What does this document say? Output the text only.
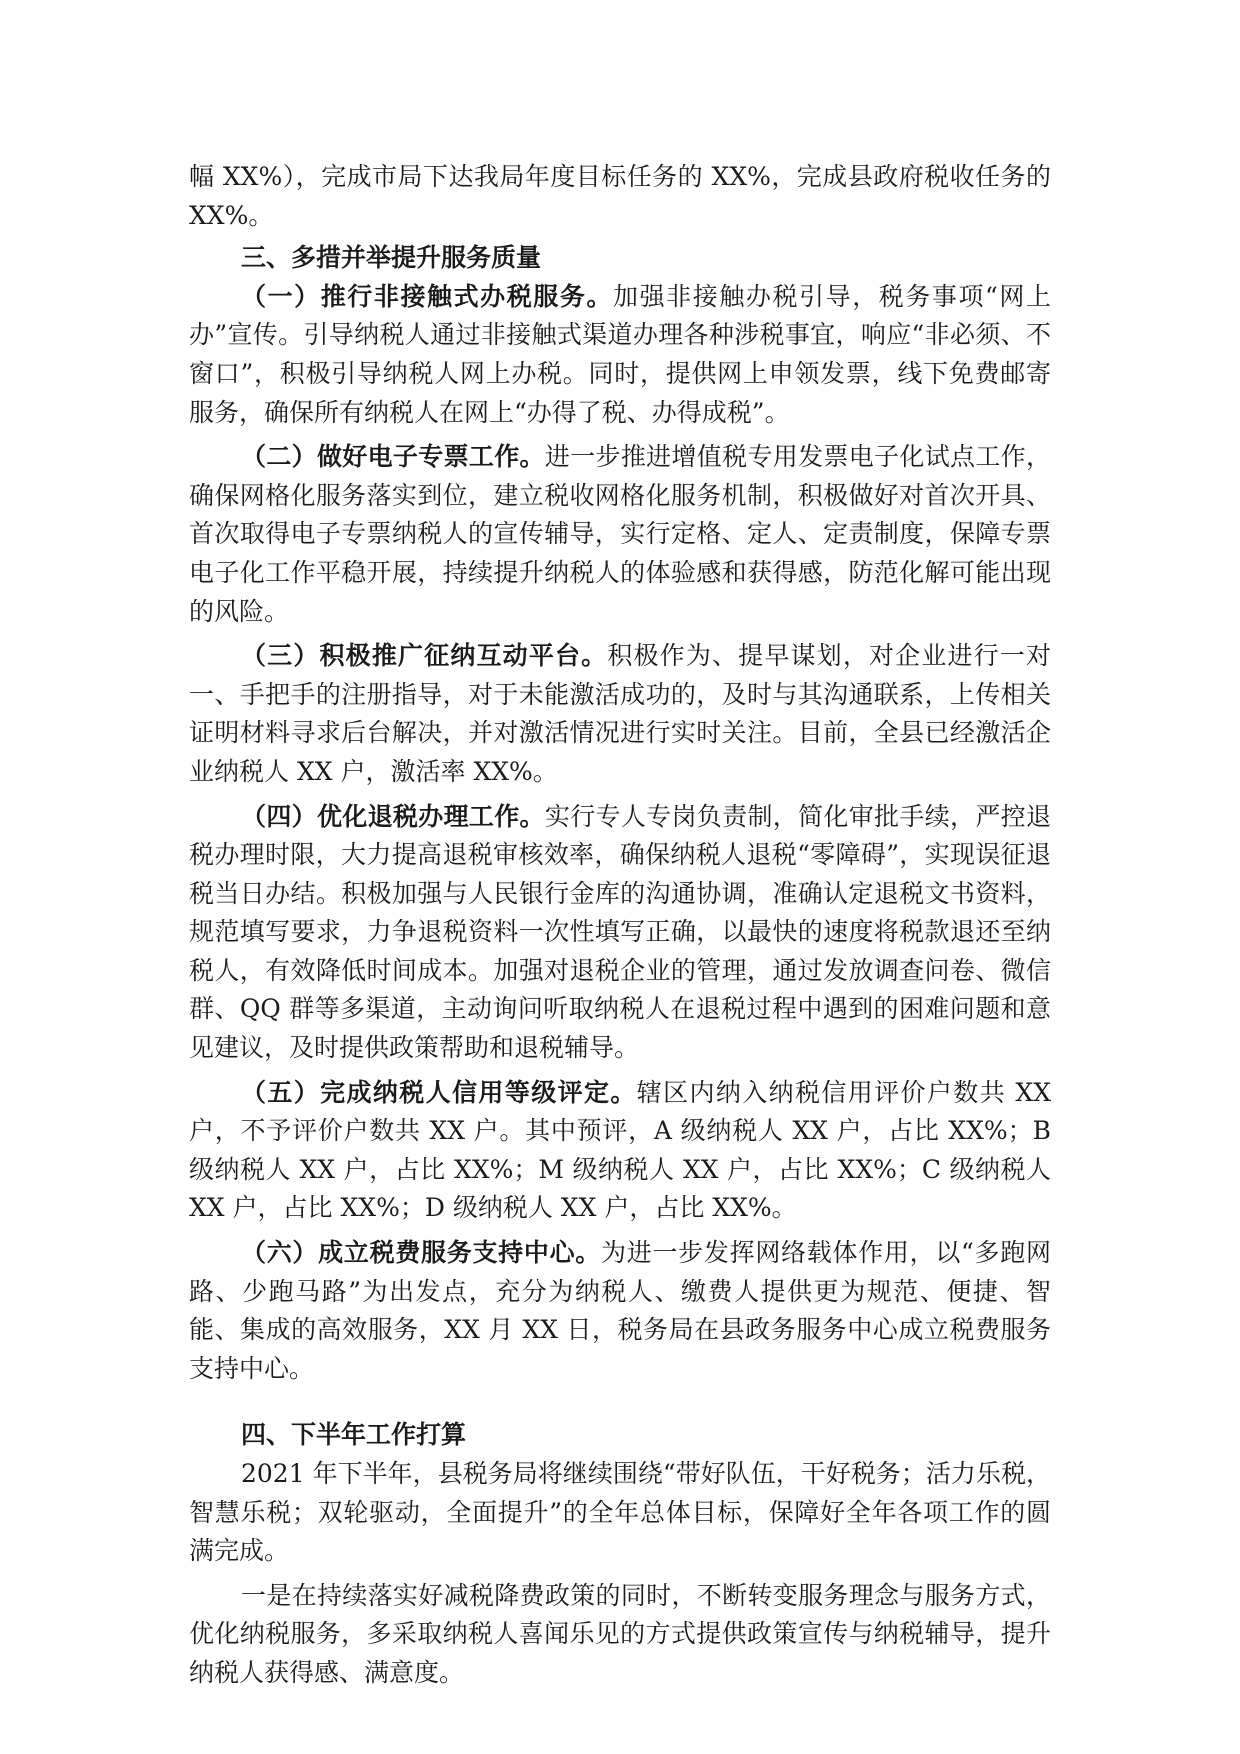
幅 XX%），完成市局下达我局年度目标任务的 XX%，完成县政府税收任务的 XX%。

三、多措并举提升服务质量

（一）推行非接触式办税服务。加强非接触办税引导，税务事项“网上办”宣传。引导纳税人通过非接触式渠道办理各种涉税事宜，响应“非必须、不窗口”，积极引导纳税人网上办税。同时，提供网上申领发票，线下免费邮寄服务，确保所有纳税人在网上“办得了税、办得成税”。

（二）做好电子专票工作。进一步推进增值税专用发票电子化试点工作，确保网格化服务落实到位，建立税收网格化服务机制，积极做好对首次开具、首次取得电子专票纳税人的宣传辅导，实行定格、定人、定责制度，保障专票电子化工作平稳开展，持续提升纳税人的体验感和获得感，防范化解可能出现的风险。

（三）积极推广征纳互动平台。积极作为、提早谋划，对企业进行一对一、手把手的注册指导，对于未能激活成功的，及时与其沟通联系，上传相关证明材料寻求后台解决，并对激活情况进行实时关注。目前，全县已经激活企业纳税人 XX 户，激活率 XX%。

（四）优化退税办理工作。实行专人专岗负责制，简化审批手续，严控退税办理时限，大力提高退税审核效率，确保纳税人退税“零障碍”，实现误征退税当日办结。积极加强与人民银行金库的沟通协调，准确认定退税文书资料，规范填写要求，力争退税资料一次性填写正确，以最快的速度将税款退还至纳税人，有效降低时间成本。加强对退税企业的管理，通过发放调查问卷、微信群、QQ 群等多渠道，主动询问听取纳税人在退税过程中遇到的困难问题和意见建议，及时提供政策帮助和退税辅导。

（五）完成纳税人信用等级评定。辖区内纳入纳税信用评价户数共 XX 户，不予评价户数共 XX 户。其中预评，A 级纳税人 XX 户，占比 XX%；B 级纳税人 XX 户，占比 XX%；M 级纳税人 XX 户，占比 XX%；C 级纳税人 XX 户，占比 XX%；D 级纳税人 XX 户，占比 XX%。

（六）成立税费服务支持中心。为进一步发挥网络载体作用，以“多跑网路、少跑马路”为出发点，充分为纳税人、缴费人提供更为规范、便捷、智能、集成的高效服务，XX 月 XX 日，税务局在县政务服务中心成立税费服务支持中心。

四、下半年工作打算

2021 年下半年，县税务局将继续围绕“带好队伍，干好税务；活力乐税，智慧乐税；双轮驱动，全面提升”的全年总体目标，保障好全年各项工作的圆满完成。

一是在持续落实好减税降费政策的同时，不断转变服务理念与服务方式，优化纳税服务，多采取纳税人喜闻乐见的方式提供政策宣传与纳税辅导，提升纳税人获得感、满意度。
